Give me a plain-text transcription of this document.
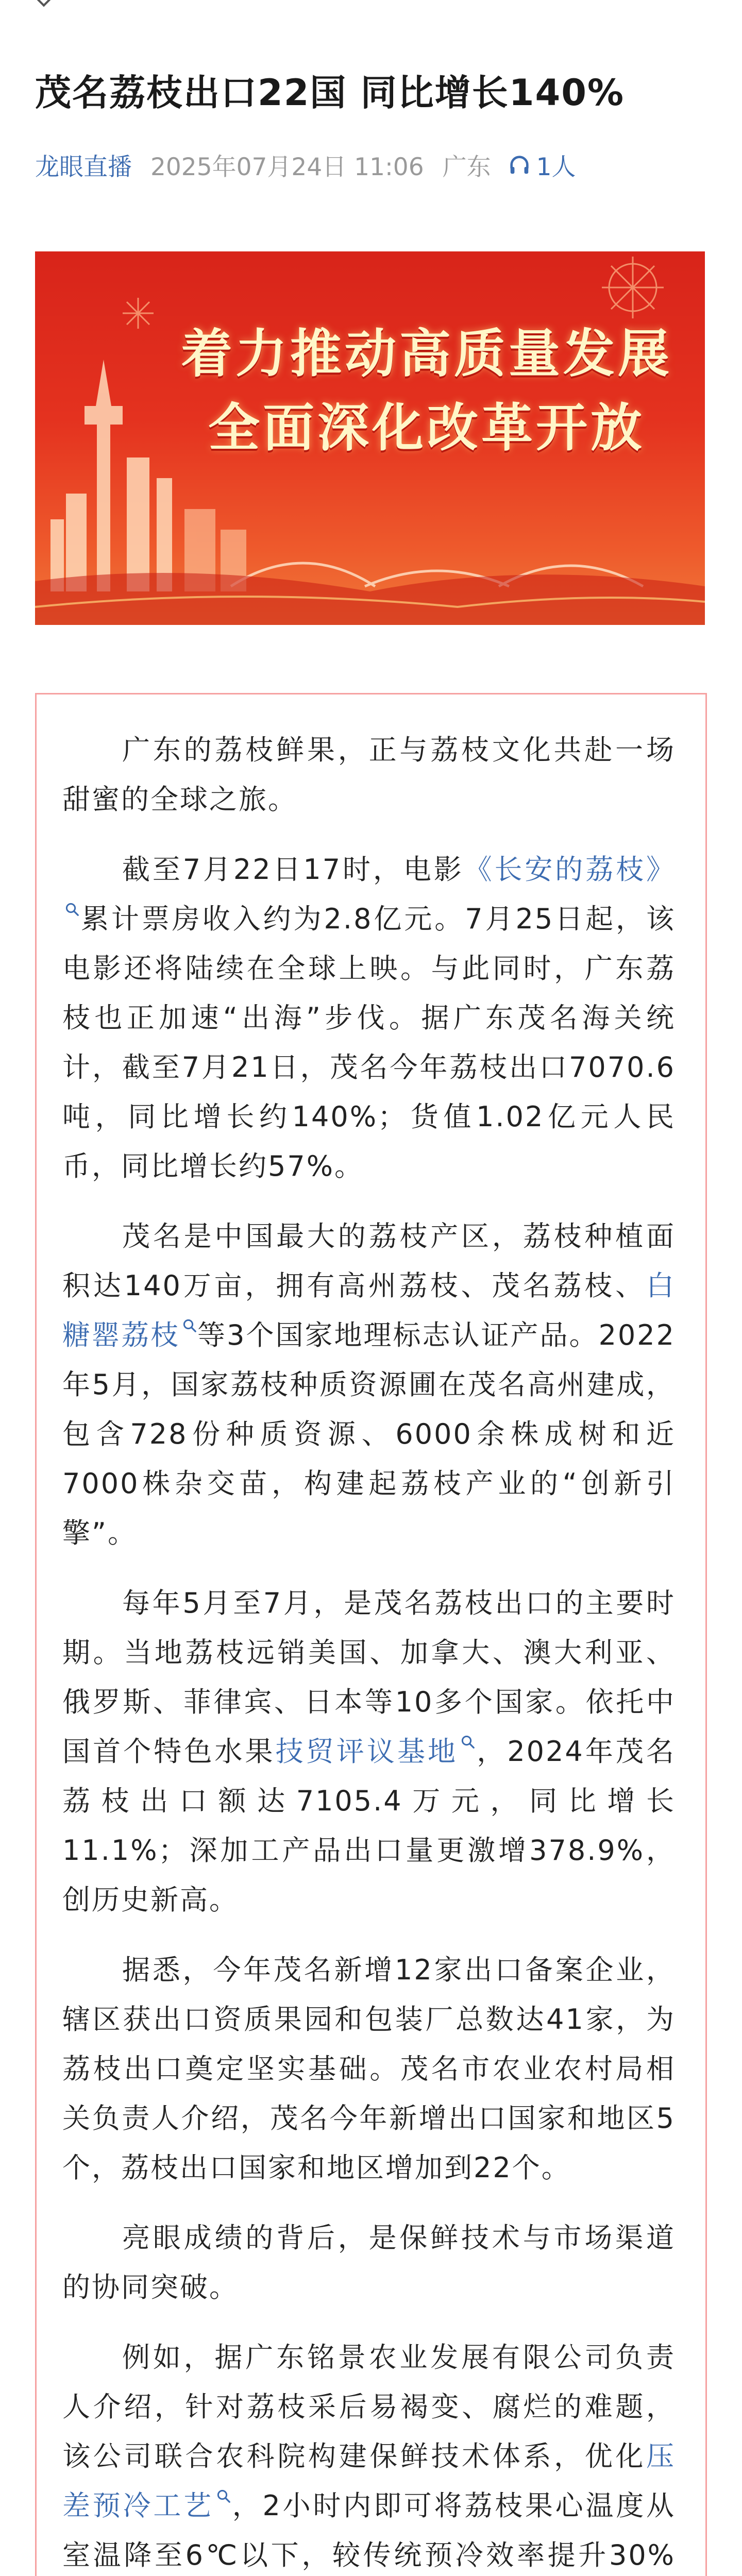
茂名荔枝出口22国 同比增长140%
龙眼直播 2025年07月24日 11:06 广东 1人
着力推动高质量发展
全面深化改革开放

广东的荔枝鲜果，正与荔枝文化共赴一场甜蜜的全球之旅。

截至7月22日17时，电影《长安的荔枝》累计票房收入约为2.8亿元。7月25日起，该电影还将陆续在全球上映。与此同时，广东荔枝也正加速“出海”步伐。据广东茂名海关统计，截至7月21日，茂名今年荔枝出口7070.6吨，同比增长约140%；货值1.02亿元人民币，同比增长约57%。

茂名是中国最大的荔枝产区，荔枝种植面积达140万亩，拥有高州荔枝、茂名荔枝、白糖罂荔枝 等3个国家地理标志认证产品。2022年5月，国家荔枝种质资源圃在茂名高州建成，包含728份种质资源、6000余株成树和近7000株杂交苗，构建起荔枝产业的“创新引擎”。

每年5月至7月，是茂名荔枝出口的主要时期。当地荔枝远销美国、加拿大、澳大利亚、俄罗斯、菲律宾、日本等10多个国家。依托中国首个特色水果技贸评议基地 ，2024年茂名荔枝出口额达7105.4万元，同比增长11.1%；深加工产品出口量更激增378.9%，创历史新高。

据悉，今年茂名新增12家出口备案企业，辖区获出口资质果园和包装厂总数达41家，为荔枝出口奠定坚实基础。茂名市农业农村局相关负责人介绍，茂名今年新增出口国家和地区5个，荔枝出口国家和地区增加到22个。

亮眼成绩的背后，是保鲜技术与市场渠道的协同突破。

例如，据广东铭景农业发展有限公司负责人介绍，针对荔枝采后易褐变、腐烂的难题，该公司联合农科院构建保鲜技术体系，优化压差预冷工艺 ，2小时内即可将荔枝果心温度从室温降至6℃以下，较传统预冷效率提升30%
